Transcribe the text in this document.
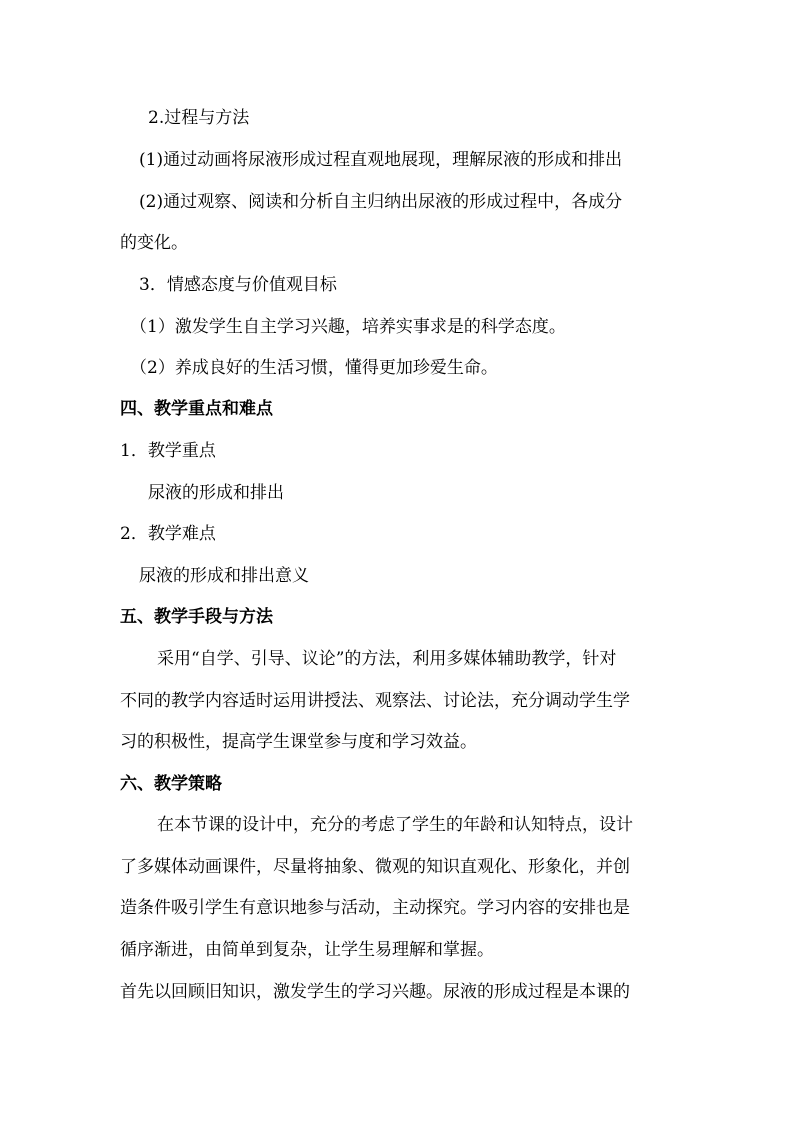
2.过程与方法
(1)通过动画将尿液形成过程直观地展现，理解尿液的形成和排出
(2)通过观察、阅读和分析自主归纳出尿液的形成过程中，各成分
的变化。
3．情感态度与价值观目标
（1）激发学生自主学习兴趣，培养实事求是的科学态度。
（2）养成良好的生活习惯，懂得更加珍爱生命。
四、教学重点和难点
1．教学重点
尿液的形成和排出
2．教学难点
尿液的形成和排出意义
五、教学手段与方法
采用“自学、引导、议论”的方法，利用多媒体辅助教学，针对
不同的教学内容适时运用讲授法、观察法、讨论法，充分调动学生学
习的积极性，提高学生课堂参与度和学习效益。
六、教学策略
在本节课的设计中，充分的考虑了学生的年龄和认知特点，设计
了多媒体动画课件，尽量将抽象、微观的知识直观化、形象化，并创
造条件吸引学生有意识地参与活动，主动探究。学习内容的安排也是
循序渐进，由简单到复杂，让学生易理解和掌握。
首先以回顾旧知识，激发学生的学习兴趣。尿液的形成过程是本课的
